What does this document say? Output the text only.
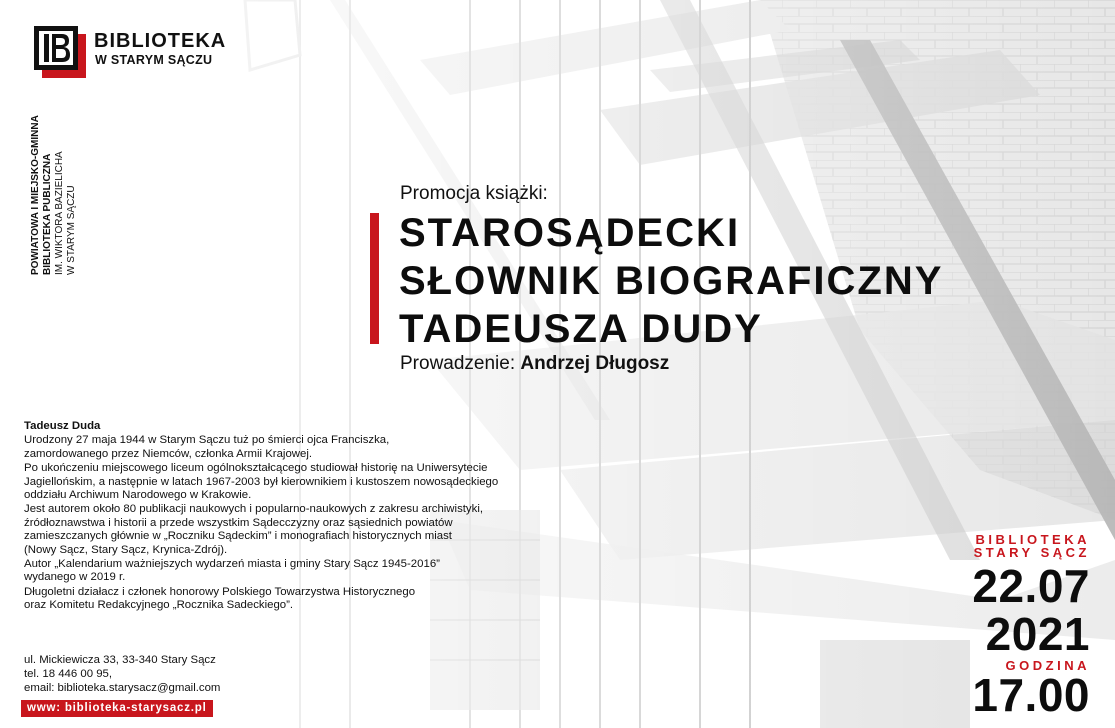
BIBLIOTEKA
W STARYM SĄCZU
POWIATOWA I MIEJSKO-GMINNA BIBLIOTEKA PUBLICZNA IM. WIKTORA BAZIELICHA W STARYM SĄCZU	Promocja książki:
STAROSĄDECKI
SŁOWNIK BIOGRAFICZNY
TADEUSZA DUDY
Prowadzenie: Andrzej Długosz
Tadeusz Duda

Urodzony 27 maja 1944 w Starym Sączu tuż po śmierci ojca Franciszka,
zamordowanego przez Niemców, członka Armii Krajowej.

Po ukończeniu miejscowego liceum ogólnokształcącego studiował historię na Uniwersytecie
Jagiellońskim, a następnie w latach 1967-2003 był kierownikiem i kustoszem nowosądeckiego
oddziału Archiwum Narodowego w Krakowie.

Jest autorem około 80 publikacji naukowych i popularno-naukowych z zakresu archiwistyki,
źródłoznawstwa i historii a przede wszystkim Sądecczyzny oraz sąsiednich powiatów
zamieszczanych głównie w „Roczniku Sądeckim” i monografiach historycznych miast
(Nowy Sącz, Stary Sącz, Krynica-Zdrój).

Autor „Kalendarium ważniejszych wydarzeń miasta i gminy Stary Sącz 1945-2016”
wydanego w 2019 r.

Długoletni działacz i członek honorowy Polskiego Towarzystwa Historycznego
oraz Komitetu Redakcyjnego „Rocznika Sadeckiego”.

ul. Mickiewicza 33, 33-340 Stary Sącz
tel. 18 446 00 95,
email: biblioteka.starysacz@gmail.com
www: biblioteka-starysacz.pl
BIBLIOTEKA
STARY SĄCZ
22.07
2021
GODZINA
17.00
